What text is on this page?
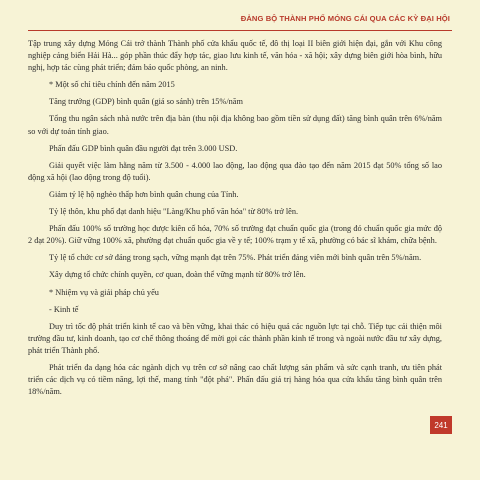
ĐẢNG BỘ THÀNH PHỐ MÓNG CÁI QUA CÁC KỲ ĐẠI HỘI

Tập trung xây dựng Móng Cái trở thành Thành phố cửa khẩu quốc tế, đô thị loại II biên giới hiện đại, gắn với Khu công nghiệp cảng biển Hải Hà... góp phần thúc đẩy hợp tác, giao lưu kinh tế, văn hóa - xã hội; xây dựng biên giới hòa bình, hữu nghị, hợp tác cùng phát triển; đảm bảo quốc phòng, an ninh.

* Một số chỉ tiêu chính đến năm 2015

Tăng trưởng (GDP) bình quân (giá so sánh) trên 15%/năm

Tổng thu ngân sách nhà nước trên địa bàn (thu nội địa không bao gồm tiền sử dụng đất) tăng bình quân trên 6%/năm so với dự toán tỉnh giao.

Phấn đấu GDP bình quân đầu người đạt trên 3.000 USD.

Giải quyết việc làm hằng năm từ 3.500 - 4.000 lao động, lao động qua đào tạo đến năm 2015 đạt 50% tổng số lao động xã hội (lao động trong độ tuổi).

Giảm tỷ lệ hộ nghèo thấp hơn bình quân chung của Tỉnh.

Tỷ lệ thôn, khu phố đạt danh hiệu "Làng/Khu phố văn hóa" từ 80% trở lên.

Phấn đấu 100% số trường học được kiên cố hóa, 70% số trường đạt chuẩn quốc gia (trong đó chuẩn quốc gia mức độ 2 đạt 20%). Giữ vững 100% xã, phường đạt chuẩn quốc gia về y tế; 100% trạm y tế xã, phường có bác sĩ khám, chữa bệnh.

Tỷ lệ tổ chức cơ sở đảng trong sạch, vững mạnh đạt trên 75%. Phát triển đảng viên mới bình quân trên 5%/năm.

Xây dựng tổ chức chính quyền, cơ quan, đoàn thể vững mạnh từ 80% trở lên.

* Nhiệm vụ và giải pháp chủ yếu

- Kinh tế

Duy trì tốc độ phát triển kinh tế cao và bền vững, khai thác có hiệu quả các nguồn lực tại chỗ. Tiếp tục cải thiện môi trường đầu tư, kinh doanh, tạo cơ chế thông thoáng để mời gọi các thành phần kinh tế trong và ngoài nước đầu tư xây dựng, phát triển Thành phố.

Phát triển đa dạng hóa các ngành dịch vụ trên cơ sở nâng cao chất lượng sản phẩm và sức cạnh tranh, ưu tiên phát triển các dịch vụ có tiềm năng, lợi thế, mang tính "đột phá". Phấn đấu giá trị hàng hóa qua cửa khẩu tăng bình quân trên 18%/năm.

241
